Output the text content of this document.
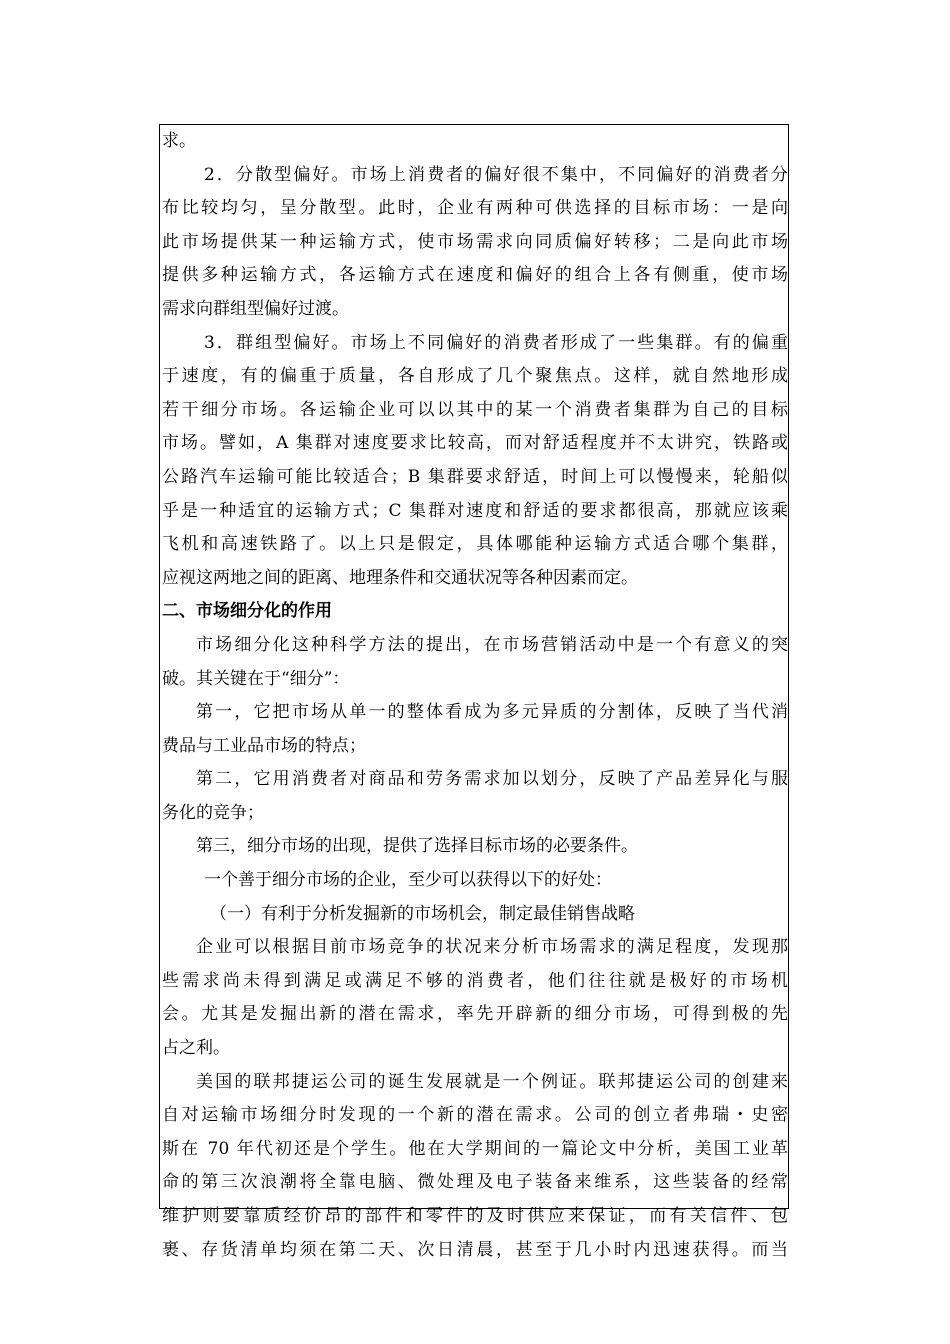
求。
2．分散型偏好。市场上消费者的偏好很不集中，不同偏好的消费者分
布比较均匀，呈分散型。此时，企业有两种可供选择的目标市场：一是向
此市场提供某一种运输方式，使市场需求向同质偏好转移；二是向此市场
提供多种运输方式，各运输方式在速度和偏好的组合上各有侧重，使市场
需求向群组型偏好过渡。
3．群组型偏好。市场上不同偏好的消费者形成了一些集群。有的偏重
于速度，有的偏重于质量，各自形成了几个聚焦点。这样，就自然地形成
若干细分市场。各运输企业可以以其中的某一个消费者集群为自己的目标
市场。譬如，A 集群对速度要求比较高，而对舒适程度并不太讲究，铁路或
公路汽车运输可能比较适合；B 集群要求舒适，时间上可以慢慢来，轮船似
乎是一种适宜的运输方式；C 集群对速度和舒适的要求都很高，那就应该乘
飞机和高速铁路了。以上只是假定，具体哪能种运输方式适合哪个集群，
应视这两地之间的距离、地理条件和交通状况等各种因素而定。
二、市场细分化的作用
市场细分化这种科学方法的提出，在市场营销活动中是一个有意义的突
破。其关键在于“细分”：
第一，它把市场从单一的整体看成为多元异质的分割体，反映了当代消
费品与工业品市场的特点；
第二，它用消费者对商品和劳务需求加以划分，反映了产品差异化与服
务化的竞争；
第三，细分市场的出现，提供了选择目标市场的必要条件。
一个善于细分市场的企业，至少可以获得以下的好处：
（一）有利于分析发掘新的市场机会，制定最佳销售战略
企业可以根据目前市场竞争的状况来分析市场需求的满足程度，发现那
些需求尚未得到满足或满足不够的消费者，他们往往就是极好的市场机
会。尤其是发掘出新的潜在需求，率先开辟新的细分市场，可得到极的先
占之利。
美国的联邦捷运公司的诞生发展就是一个例证。联邦捷运公司的创建来
自对运输市场细分时发现的一个新的潜在需求。公司的创立者弗瑞・史密
斯在 70 年代初还是个学生。他在大学期间的一篇论文中分析，美国工业革
命的第三次浪潮将全靠电脑、微处理及电子装备来维系，这些装备的经常
维护则要靠质经价昂的部件和零件的及时供应来保证，而有关信件、包
裹、存货清单均须在第二天、次日清晨，甚至于几小时内迅速获得。而当
